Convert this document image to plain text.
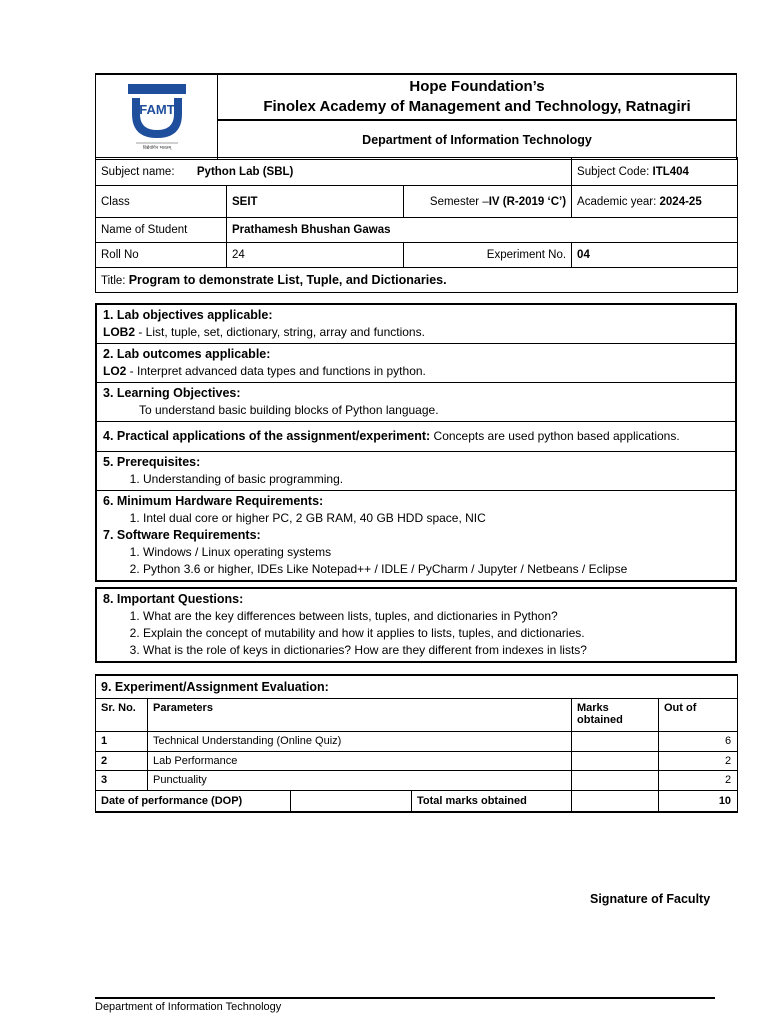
FAMT
विद्येयोगेन भारतम्

Hope Foundation’s
Finolex Academy of Management and Technology, Ratnagiri

Department of Information Technology
Subject name: Python Lab (SBL)			Subject Code: ITL404
Class	SEIT	Semester –IV (R-2019 ‘C’)	Academic year: 2024-25
Name of Student	Prathamesh Bhushan Gawas		
Roll No	24	Experiment No.	04
Title: Program to demonstrate List, Tuple, and Dictionaries.			
1. Lab objectives applicable:
LOB2 - List, tuple, set, dictionary, string, array and functions.
2. Lab outcomes applicable:
LO2 - Interpret advanced data types and functions in python.
3. Learning Objectives:
To understand basic building blocks of Python language.
4. Practical applications of the assignment/experiment: Concepts are used python based applications.
5. Prerequisites:
1. Understanding of basic programming.
6. Minimum Hardware Requirements:
1. Intel dual core or higher PC, 2 GB RAM, 40 GB HDD space, NIC
7. Software Requirements:
1. Windows / Linux operating systems
2. Python 3.6 or higher, IDEs Like Notepad++ / IDLE / PyCharm / Jupyter / Netbeans / Eclipse
8. Important Questions:
1. What are the key differences between lists, tuples, and dictionaries in Python?
2. Explain the concept of mutability and how it applies to lists, tuples, and dictionaries.
3. What is the role of keys in dictionaries? How are they different from indexes in lists?
9. Experiment/Assignment Evaluation:					
Sr. No.	Parameters			Marks obtained	Out of
1	Technical Understanding (Online Quiz)				6
2	Lab Performance				2
3	Punctuality				2
Date of performance (DOP)			Total marks obtained		10
Signature of Faculty
Department of Information Technology
